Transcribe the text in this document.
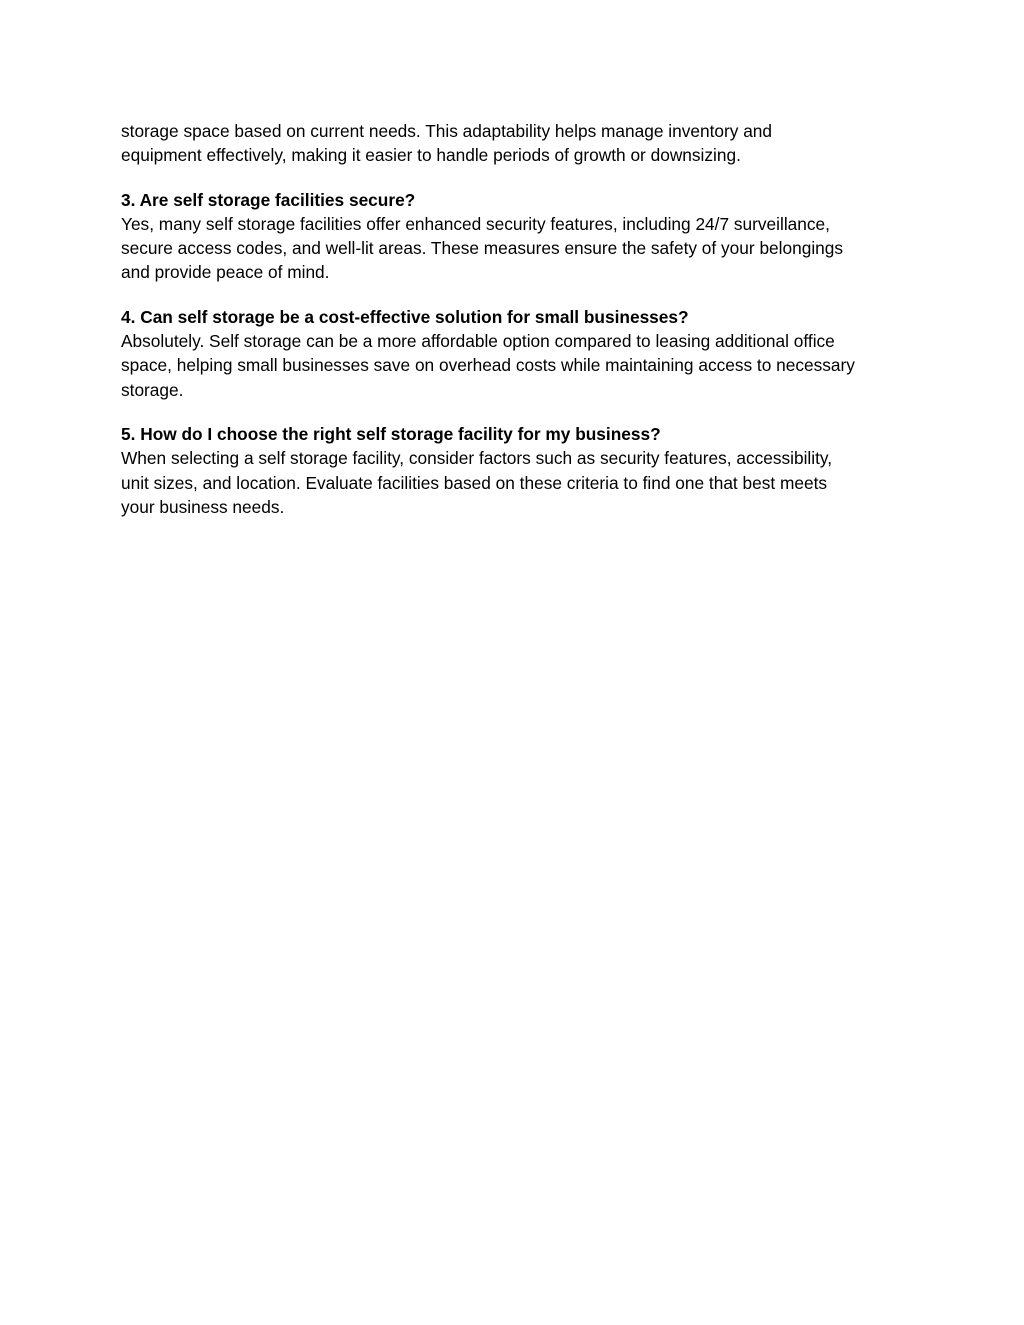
storage space based on current needs. This adaptability helps manage inventory and
equipment effectively, making it easier to handle periods of growth or downsizing.

3. Are self storage facilities secure?

Yes, many self storage facilities offer enhanced security features, including 24/7 surveillance,
secure access codes, and well-lit areas. These measures ensure the safety of your belongings
and provide peace of mind.

4. Can self storage be a cost-effective solution for small businesses?

Absolutely. Self storage can be a more affordable option compared to leasing additional office
space, helping small businesses save on overhead costs while maintaining access to necessary
storage.

5. How do I choose the right self storage facility for my business?

When selecting a self storage facility, consider factors such as security features, accessibility,
unit sizes, and location. Evaluate facilities based on these criteria to find one that best meets
your business needs.
